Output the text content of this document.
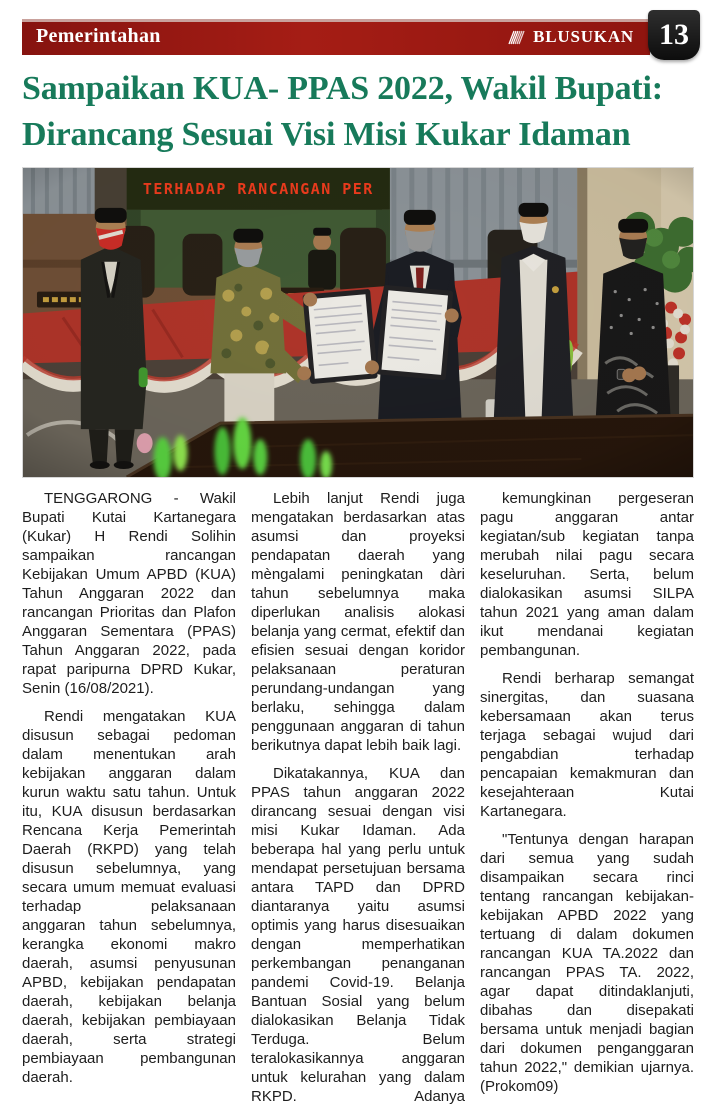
Pemerintahan	BLUSUKAN 13
Sampaikan KUA- PPAS 2022, Wakil Bupati:
Dirancang Sesuai Visi Misi Kukar Idaman

TENGGARONG - Wakil Bupati Kutai Kartanegara (Kukar) H Rendi Solihin sampaikan rancangan Kebijakan Umum APBD (KUA) Tahun Anggaran 2022 dan rancangan Prioritas dan Plafon Anggaran Sementara (PPAS) Tahun Anggaran 2022, pada rapat paripurna DPRD Kukar, Senin (16/08/2021).

Rendi mengatakan KUA disusun sebagai pedoman dalam menentukan arah kebijakan anggaran dalam kurun waktu satu tahun. Untuk itu, KUA disusun berdasarkan Rencana Kerja Pemerintah Daerah (RKPD) yang telah disusun sebelumnya, yang secara umum memuat evaluasi terhadap pelaksanaan anggaran tahun sebelumnya, kerangka ekonomi makro daerah, asumsi penyusunan APBD, kebijakan pendapatan daerah, kebijakan belanja daerah, kebijakan pembiayaan daerah, serta strategi pembiayaan pembangunan daerah.

Lebih lanjut Rendi juga mengatakan berdasarkan atas asumsi dan proyeksi pendapatan daerah yang mèngalami peningkatan dàri tahun sebelumnya maka diperlukan analisis alokasi belanja yang cermat, efektif dan efisien sesuai dengan koridor pelaksanaan peraturan perundang-undangan yang berlaku, sehingga dalam penggunaan anggaran di tahun berikutnya dapat lebih baik lagi.

Dikatakannya, KUA dan PPAS tahun anggaran 2022 dirancang sesuai dengan visi misi Kukar Idaman. Ada beberapa hal yang perlu untuk mendapat persetujuan bersama antara TAPD dan DPRD diantaranya yaitu asumsi optimis yang harus disesuaikan dengan memperhatikan perkembangan penanganan pandemi Covid-19. Belanja Bantuan Sosial yang belum dialokasikan Belanja Tidak Terduga. Belum teralokasikannya anggaran untuk kelurahan yang dalam RKPD. Adanya

kemungkinan pergeseran pagu anggaran antar kegiatan/sub kegiatan tanpa merubah nilai pagu secara keseluruhan. Serta, belum dialokasikan asumsi SILPA tahun 2021 yang aman dalam ikut mendanai kegiatan pembangunan.

Rendi berharap semangat sinergitas, dan suasana kebersamaan akan terus terjaga sebagai wujud dari pengabdian terhadap pencapaian kemakmuran dan kesejahteraan Kutai Kartanegara.

"Tentunya dengan harapan dari semua yang sudah disampaikan secara rinci tentang rancangan kebijakan- kebijakan APBD 2022 yang tertuang di dalam dokumen rancangan KUA TA.2022 dan rancangan PPAS TA. 2022, agar dapat ditindaklanjuti, dibahas dan disepakati bersama untuk menjadi bagian dari dokumen penganggaran tahun 2022," demikian ujarnya. (Prokom09)
